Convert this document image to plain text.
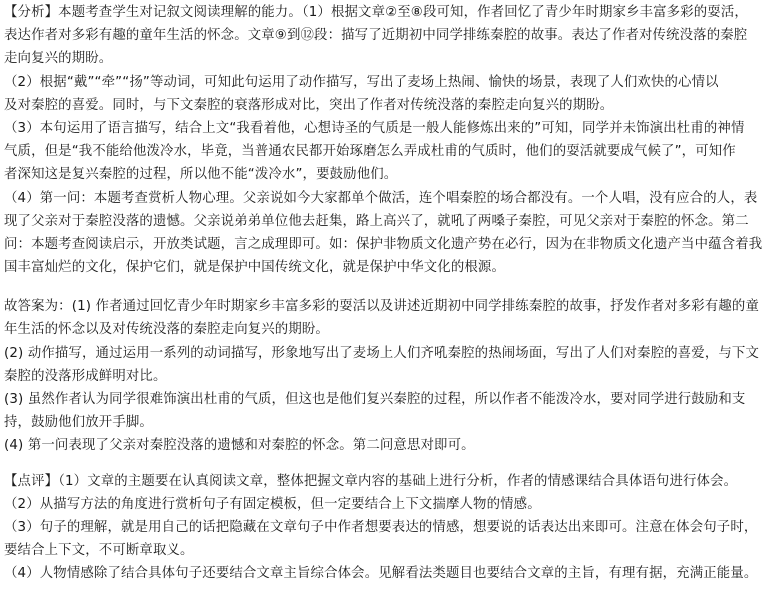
【分析】本题考查学生对记叙文阅读理解的能力。（1）根据文章②至⑧段可知，作者回忆了青少年时期家乡丰富多彩的耍活，
表达作者对多彩有趣的童年生活的怀念。文章⑨到⑫段：描写了近期初中同学排练秦腔的故事。表达了作者对传统没落的秦腔
走向复兴的期盼。
（2）根据“戴”“牵”“扬”等动词，可知此句运用了动作描写，写出了麦场上热闹、愉快的场景，表现了人们欢快的心情以
及对秦腔的喜爱。同时，与下文秦腔的衰落形成对比，突出了作者对传统没落的秦腔走向复兴的期盼。
（3）本句运用了语言描写，结合上文“我看着他，心想诗圣的气质是一般人能修炼出来的”可知，同学并未饰演出杜甫的神情
气质，但是“我不能给他泼冷水，毕竟，当普通农民都开始琢磨怎么弄成杜甫的气质时，他们的耍活就要成气候了”，可知作
者深知这是复兴秦腔的过程，所以他不能“泼冷水”，要鼓励他们。
（4）第一问：本题考查赏析人物心理。父亲说如今大家都单个做活，连个唱秦腔的场合都没有。一个人唱，没有应合的人，表
现了父亲对于秦腔没落的遗憾。父亲说弟弟单位他去赶集，路上高兴了，就吼了两嗓子秦腔，可见父亲对于秦腔的怀念。第二
问：本题考查阅读启示，开放类试题，言之成理即可。如：保护非物质文化遗产势在必行，因为在非物质文化遗产当中蕴含着我
国丰富灿烂的文化，保护它们，就是保护中国传统文化，就是保护中华文化的根源。
故答案为：(1) 作者通过回忆青少年时期家乡丰富多彩的耍活以及讲述近期初中同学排练秦腔的故事，抒发作者对多彩有趣的童
年生活的怀念以及对传统没落的秦腔走向复兴的期盼。
(2) 动作描写，通过运用一系列的动词描写，形象地写出了麦场上人们齐吼秦腔的热闹场面，写出了人们对秦腔的喜爱，与下文
秦腔的没落形成鲜明对比。
(3) 虽然作者认为同学很难饰演出杜甫的气质，但这也是他们复兴秦腔的过程，所以作者不能泼冷水，要对同学进行鼓励和支
持，鼓励他们放开手脚。
(4) 第一问表现了父亲对秦腔没落的遗憾和对秦腔的怀念。第二问意思对即可。
【点评】（1）文章的主题要在认真阅读文章，整体把握文章内容的基础上进行分析，作者的情感课结合具体语句进行体会。
（2）从描写方法的角度进行赏析句子有固定模板，但一定要结合上下文揣摩人物的情感。
（3）句子的理解，就是用自己的话把隐藏在文章句子中作者想要表达的情感，想要说的话表达出来即可。注意在体会句子时，
要结合上下文，不可断章取义。
（4）人物情感除了结合具体句子还要结合文章主旨综合体会。见解看法类题目也要结合文章的主旨，有理有据，充满正能量。
